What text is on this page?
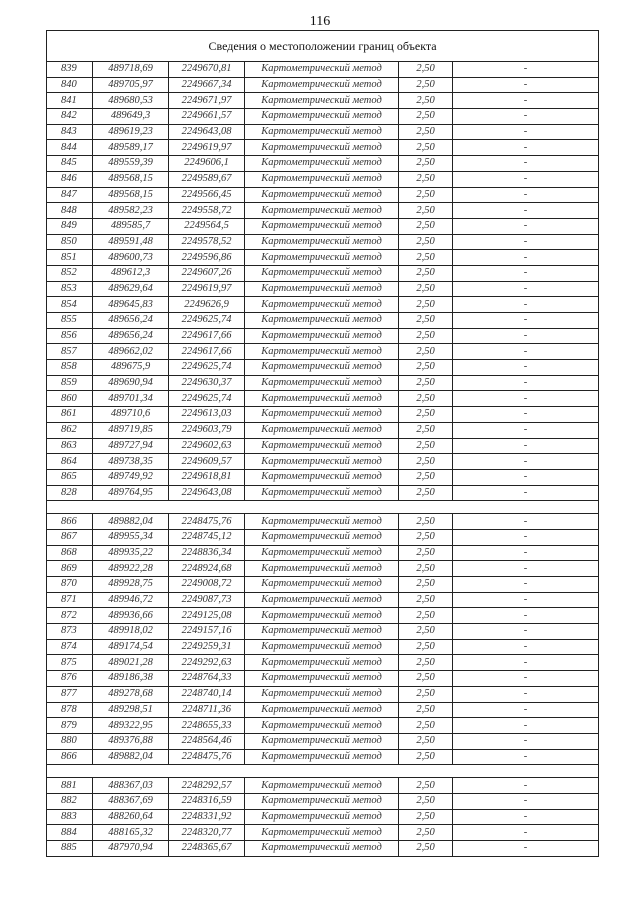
116
Сведения о местоположении границ объекта					
839	489718,69	2249670,81	Картометрический метод	2,50	-
840	489705,97	2249667,34	Картометрический метод	2,50	-
841	489680,53	2249671,97	Картометрический метод	2,50	-
842	489649,3	2249661,57	Картометрический метод	2,50	-
843	489619,23	2249643,08	Картометрический метод	2,50	-
844	489589,17	2249619,97	Картометрический метод	2,50	-
845	489559,39	2249606,1	Картометрический метод	2,50	-
846	489568,15	2249589,67	Картометрический метод	2,50	-
847	489568,15	2249566,45	Картометрический метод	2,50	-
848	489582,23	2249558,72	Картометрический метод	2,50	-
849	489585,7	2249564,5	Картометрический метод	2,50	-
850	489591,48	2249578,52	Картометрический метод	2,50	-
851	489600,73	2249596,86	Картометрический метод	2,50	-
852	489612,3	2249607,26	Картометрический метод	2,50	-
853	489629,64	2249619,97	Картометрический метод	2,50	-
854	489645,83	2249626,9	Картометрический метод	2,50	-
855	489656,24	2249625,74	Картометрический метод	2,50	-
856	489656,24	2249617,66	Картометрический метод	2,50	-
857	489662,02	2249617,66	Картометрический метод	2,50	-
858	489675,9	2249625,74	Картометрический метод	2,50	-
859	489690,94	2249630,37	Картометрический метод	2,50	-
860	489701,34	2249625,74	Картометрический метод	2,50	-
861	489710,6	2249613,03	Картометрический метод	2,50	-
862	489719,85	2249603,79	Картометрический метод	2,50	-
863	489727,94	2249602,63	Картометрический метод	2,50	-
864	489738,35	2249609,57	Картометрический метод	2,50	-
865	489749,92	2249618,81	Картометрический метод	2,50	-
828	489764,95	2249643,08	Картометрический метод	2,50	-

866	489882,04	2248475,76	Картометрический метод	2,50	-
867	489955,34	2248745,12	Картометрический метод	2,50	-
868	489935,22	2248836,34	Картометрический метод	2,50	-
869	489922,28	2248924,68	Картометрический метод	2,50	-
870	489928,75	2249008,72	Картометрический метод	2,50	-
871	489946,72	2249087,73	Картометрический метод	2,50	-
872	489936,66	2249125,08	Картометрический метод	2,50	-
873	489918,02	2249157,16	Картометрический метод	2,50	-
874	489174,54	2249259,31	Картометрический метод	2,50	-
875	489021,28	2249292,63	Картометрический метод	2,50	-
876	489186,38	2248764,33	Картометрический метод	2,50	-
877	489278,68	2248740,14	Картометрический метод	2,50	-
878	489298,51	2248711,36	Картометрический метод	2,50	-
879	489322,95	2248655,33	Картометрический метод	2,50	-
880	489376,88	2248564,46	Картометрический метод	2,50	-
866	489882,04	2248475,76	Картометрический метод	2,50	-

881	488367,03	2248292,57	Картометрический метод	2,50	-
882	488367,69	2248316,59	Картометрический метод	2,50	-
883	488260,64	2248331,92	Картометрический метод	2,50	-
884	488165,32	2248320,77	Картометрический метод	2,50	-
885	487970,94	2248365,67	Картометрический метод	2,50	-
